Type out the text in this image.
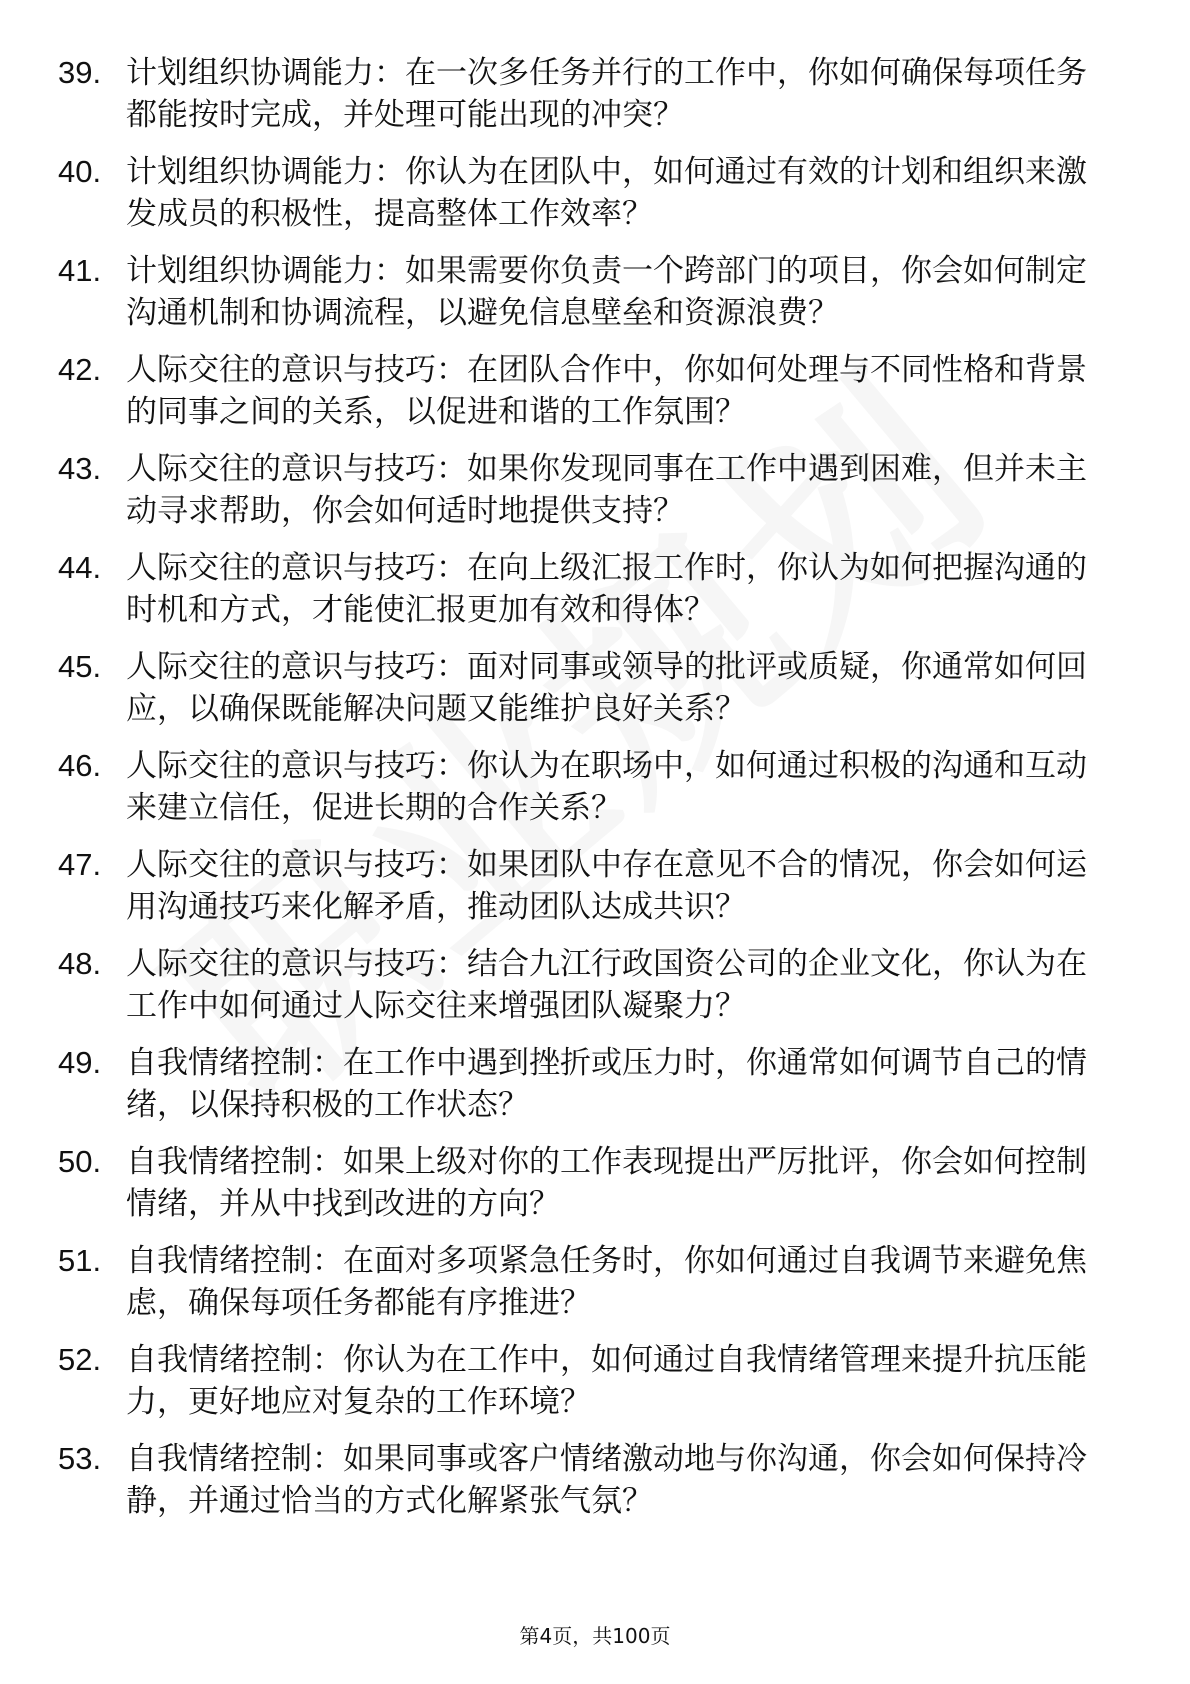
39. 计划组织协调能力：在一次多任务并行的工作中，你如何确保每项任务都能按时完成，并处理可能出现的冲突？
40. 计划组织协调能力：你认为在团队中，如何通过有效的计划和组织来激发成员的积极性，提高整体工作效率？
41. 计划组织协调能力：如果需要你负责一个跨部门的项目，你会如何制定沟通机制和协调流程，以避免信息壁垒和资源浪费？
42. 人际交往的意识与技巧：在团队合作中，你如何处理与不同性格和背景的同事之间的关系，以促进和谐的工作氛围？
43. 人际交往的意识与技巧：如果你发现同事在工作中遇到困难，但并未主动寻求帮助，你会如何适时地提供支持？
44. 人际交往的意识与技巧：在向上级汇报工作时，你认为如何把握沟通的时机和方式，才能使汇报更加有效和得体？
45. 人际交往的意识与技巧：面对同事或领导的批评或质疑，你通常如何回应，以确保既能解决问题又能维护良好关系？
46. 人际交往的意识与技巧：你认为在职场中，如何通过积极的沟通和互动来建立信任，促进长期的合作关系？
47. 人际交往的意识与技巧：如果团队中存在意见不合的情况，你会如何运用沟通技巧来化解矛盾，推动团队达成共识？
48. 人际交往的意识与技巧：结合九江行政国资公司的企业文化，你认为在工作中如何通过人际交往来增强团队凝聚力？
49. 自我情绪控制：在工作中遇到挫折或压力时，你通常如何调节自己的情绪，以保持积极的工作状态？
50. 自我情绪控制：如果上级对你的工作表现提出严厉批评，你会如何控制情绪，并从中找到改进的方向？
51. 自我情绪控制：在面对多项紧急任务时，你如何通过自我调节来避免焦虑，确保每项任务都能有序推进？
52. 自我情绪控制：你认为在工作中，如何通过自我情绪管理来提升抗压能力，更好地应对复杂的工作环境？
53. 自我情绪控制：如果同事或客户情绪激动地与你沟通，你会如何保持冷静，并通过恰当的方式化解紧张气氛？
第4页，共100页
